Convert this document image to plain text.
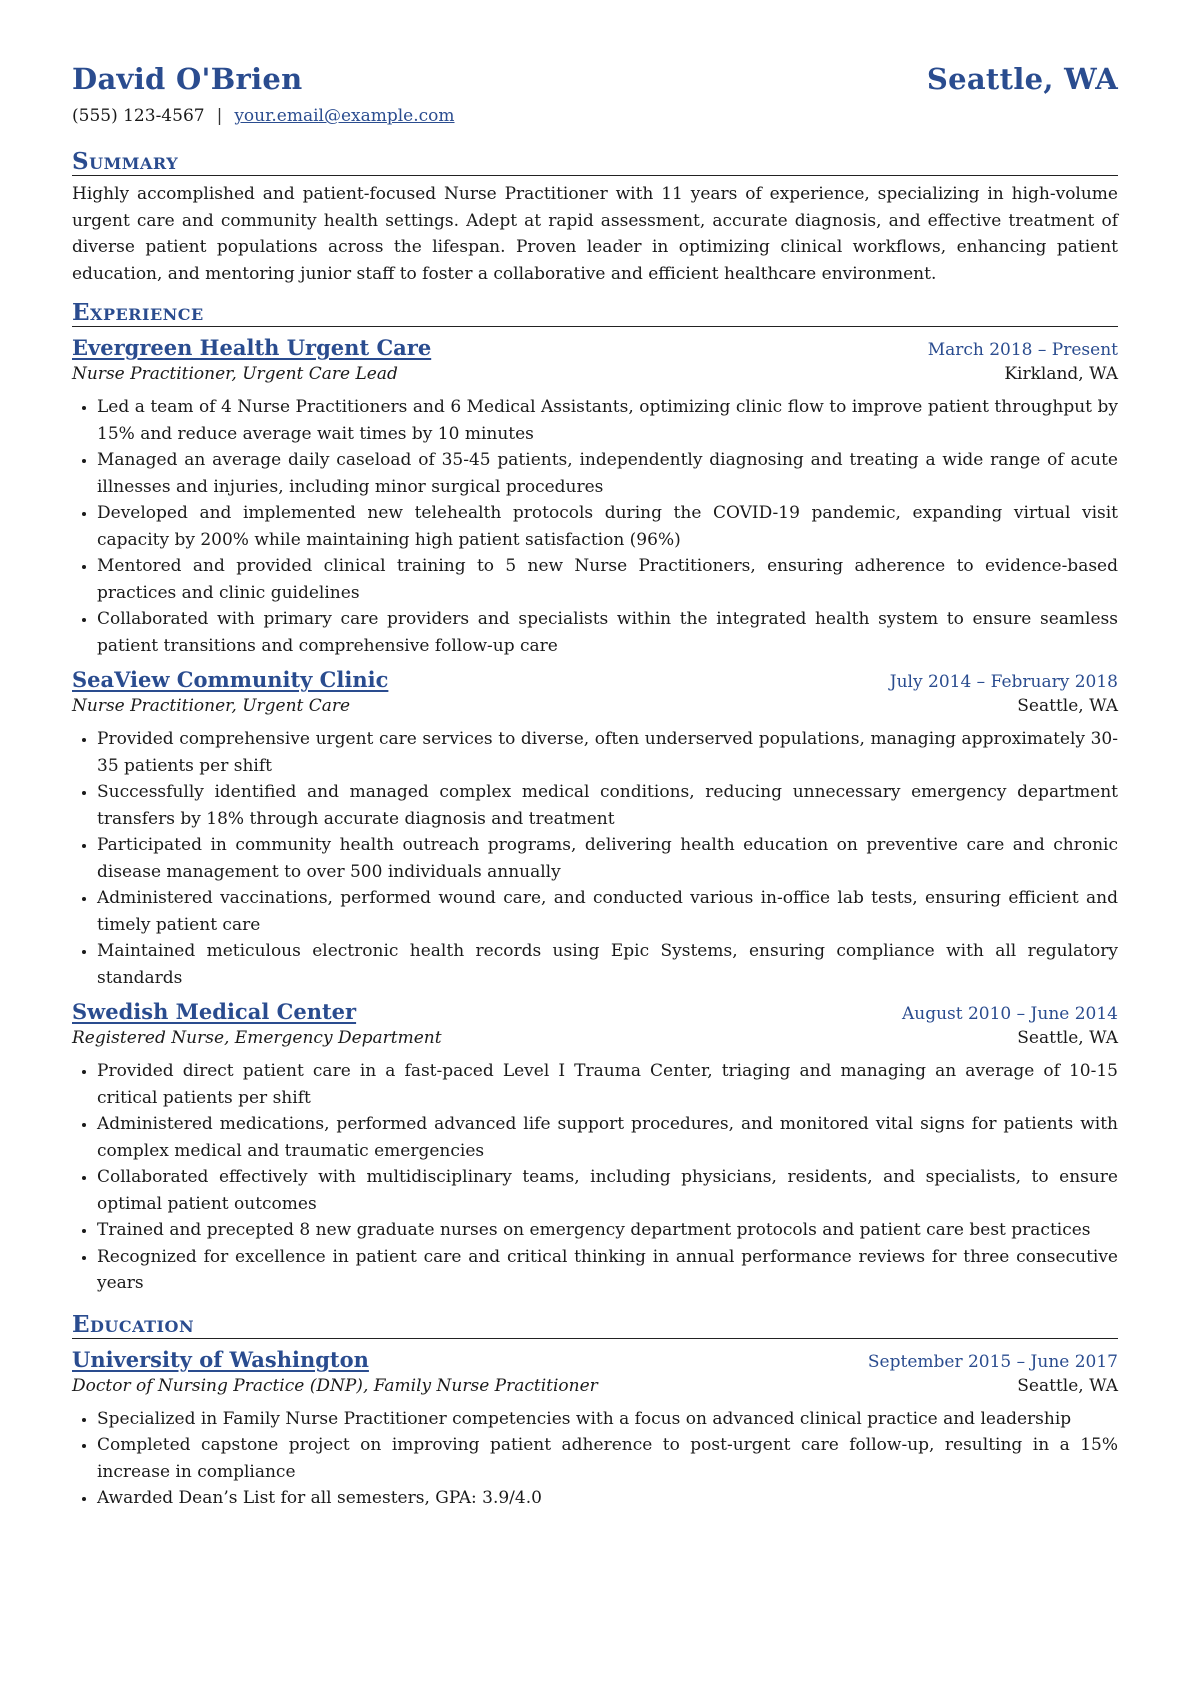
David O'Brien	Seattle, WA
(555) 123-4567 | your.email@example.com
Summary
Highly accomplished and patient-focused Nurse Practitioner with 11 years of experience, specializing in high-volume urgent care and community health settings. Adept at rapid assessment, accurate diagnosis, and effective treatment of diverse patient populations across the lifespan. Proven leader in optimizing clinical workflows, enhancing patient education, and mentoring junior staff to foster a collaborative and efficient healthcare environment.
Experience
Evergreen Health Urgent Care	March 2018 – Present
Nurse Practitioner, Urgent Care Lead	Kirkland, WA
• Led a team of 4 Nurse Practitioners and 6 Medical Assistants, optimizing clinic flow to improve patient throughput by 15% and reduce average wait times by 10 minutes
• Managed an average daily caseload of 35-45 patients, independently diagnosing and treating a wide range of acute illnesses and injuries, including minor surgical procedures
• Developed and implemented new telehealth protocols during the COVID-19 pandemic, expanding virtual visit capacity by 200% while maintaining high patient satisfaction (96%)
• Mentored and provided clinical training to 5 new Nurse Practitioners, ensuring adherence to evidence-based practices and clinic guidelines
• Collaborated with primary care providers and specialists within the integrated health system to ensure seamless patient transitions and comprehensive follow-up care
SeaView Community Clinic	July 2014 – February 2018
Nurse Practitioner, Urgent Care	Seattle, WA
• Provided comprehensive urgent care services to diverse, often underserved populations, managing approximately 30-35 patients per shift
• Successfully identified and managed complex medical conditions, reducing unnecessary emergency department transfers by 18% through accurate diagnosis and treatment
• Participated in community health outreach programs, delivering health education on preventive care and chronic disease management to over 500 individuals annually
• Administered vaccinations, performed wound care, and conducted various in-office lab tests, ensuring efficient and timely patient care
• Maintained meticulous electronic health records using Epic Systems, ensuring compliance with all regulatory standards
Swedish Medical Center	August 2010 – June 2014
Registered Nurse, Emergency Department	Seattle, WA
• Provided direct patient care in a fast-paced Level I Trauma Center, triaging and managing an average of 10-15 critical patients per shift
• Administered medications, performed advanced life support procedures, and monitored vital signs for patients with complex medical and traumatic emergencies
• Collaborated effectively with multidisciplinary teams, including physicians, residents, and specialists, to ensure optimal patient outcomes
• Trained and precepted 8 new graduate nurses on emergency department protocols and patient care best practices
• Recognized for excellence in patient care and critical thinking in annual performance reviews for three consecutive years
Education
University of Washington	September 2015 – June 2017
Doctor of Nursing Practice (DNP), Family Nurse Practitioner	Seattle, WA
• Specialized in Family Nurse Practitioner competencies with a focus on advanced clinical practice and leadership
• Completed capstone project on improving patient adherence to post-urgent care follow-up, resulting in a 15% increase in compliance
• Awarded Dean’s List for all semesters, GPA: 3.9/4.0
